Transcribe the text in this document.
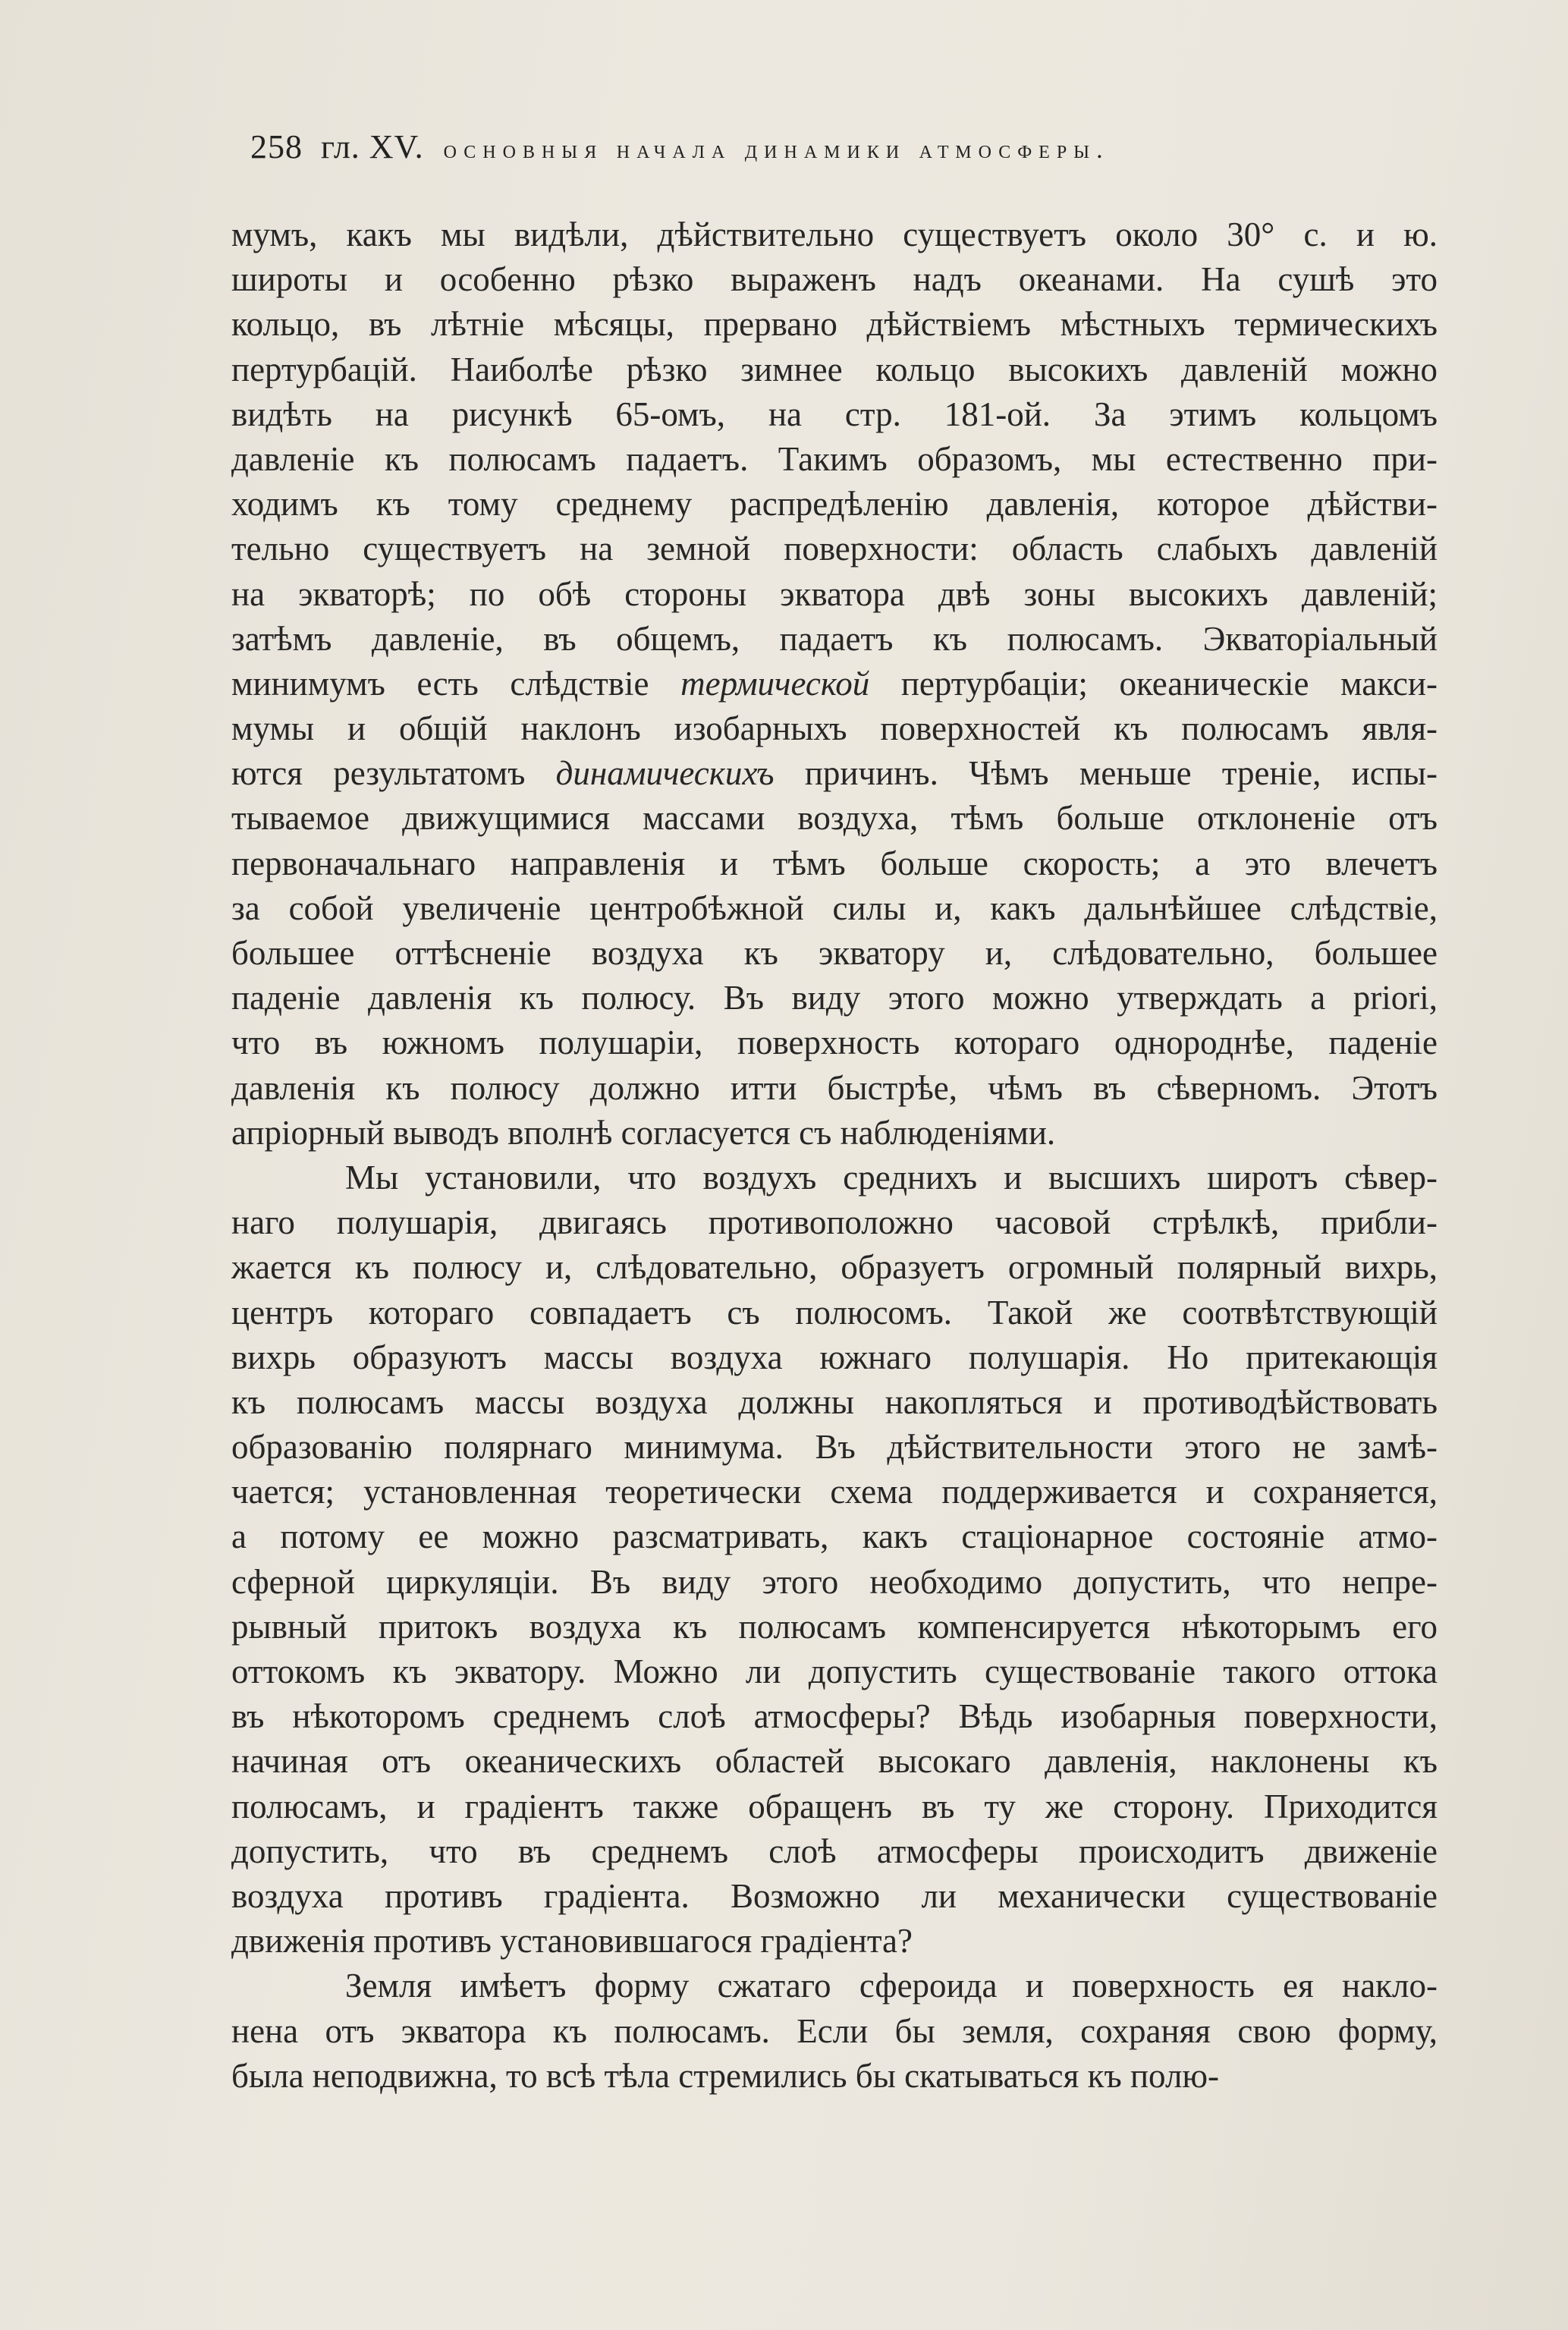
258 гл. XV. основныя начала динамики атмосферы.
мумъ, какъ мы видѣли, дѣйствительно существуетъ около 30° с. и ю.
широты и особенно рѣзко выраженъ надъ океанами. На сушѣ это
кольцо, въ лѣтніе мѣсяцы, прервано дѣйствіемъ мѣстныхъ термическихъ
пертурбацій. Наиболѣе рѣзко зимнее кольцо высокихъ давленій можно
видѣть на рисункѣ 65-омъ, на стр. 181-ой. За этимъ кольцомъ
давленіе къ полюсамъ падаетъ. Такимъ образомъ, мы естественно при-
ходимъ къ тому среднему распредѣленію давленія, которое дѣйстви-
тельно существуетъ на земной поверхности: область слабыхъ давленій
на экваторѣ; по обѣ стороны экватора двѣ зоны высокихъ давленій;
затѣмъ давленіе, въ общемъ, падаетъ къ полюсамъ. Экваторіальный
минимумъ есть слѣдствіе термической пертурбаціи; океаническіе макси-
мумы и общій наклонъ изобарныхъ поверхностей къ полюсамъ явля-
ются результатомъ динамическихъ причинъ. Чѣмъ меньше треніе, испы-
тываемое движущимися массами воздуха, тѣмъ больше отклоненіе отъ
первоначальнаго направленія и тѣмъ больше скорость; а это влечетъ
за собой увеличеніе центробѣжной силы и, какъ дальнѣйшее слѣдствіе,
большее оттѣсненіе воздуха къ экватору и, слѣдовательно, большее
паденіе давленія къ полюсу. Въ виду этого можно утверждать a priori,
что въ южномъ полушаріи, поверхность котораго однороднѣе, паденіе
давленія къ полюсу должно итти быстрѣе, чѣмъ въ сѣверномъ. Этотъ
апріорный выводъ вполнѣ согласуется съ наблюденіями.
Мы установили, что воздухъ среднихъ и высшихъ широтъ сѣвер-
наго полушарія, двигаясь противоположно часовой стрѣлкѣ, прибли-
жается къ полюсу и, слѣдовательно, образуетъ огромный полярный вихрь,
центръ котораго совпадаетъ съ полюсомъ. Такой же соотвѣтствующій
вихрь образуютъ массы воздуха южнаго полушарія. Но притекающія
къ полюсамъ массы воздуха должны накопляться и противодѣйствовать
образованію полярнаго минимума. Въ дѣйствительности этого не замѣ-
чается; установленная теоретически схема поддерживается и сохраняется,
а потому ее можно разсматривать, какъ стаціонарное состояніе атмо-
сферной циркуляціи. Въ виду этого необходимо допустить, что непре-
рывный притокъ воздуха къ полюсамъ компенсируется нѣкоторымъ его
оттокомъ къ экватору. Можно ли допустить существованіе такого оттока
въ нѣкоторомъ среднемъ слоѣ атмосферы? Вѣдь изобарныя поверхности,
начиная отъ океаническихъ областей высокаго давленія, наклонены къ
полюсамъ, и градіентъ также обращенъ въ ту же сторону. Приходится
допустить, что въ среднемъ слоѣ атмосферы происходитъ движеніе
воздуха противъ градіента. Возможно ли механически существованіе
движенія противъ установившагося градіента?
Земля имѣетъ форму сжатаго сфероида и поверхность ея накло-
нена отъ экватора къ полюсамъ. Если бы земля, сохраняя свою форму,
была неподвижна, то всѣ тѣла стремились бы скатываться къ полю-
